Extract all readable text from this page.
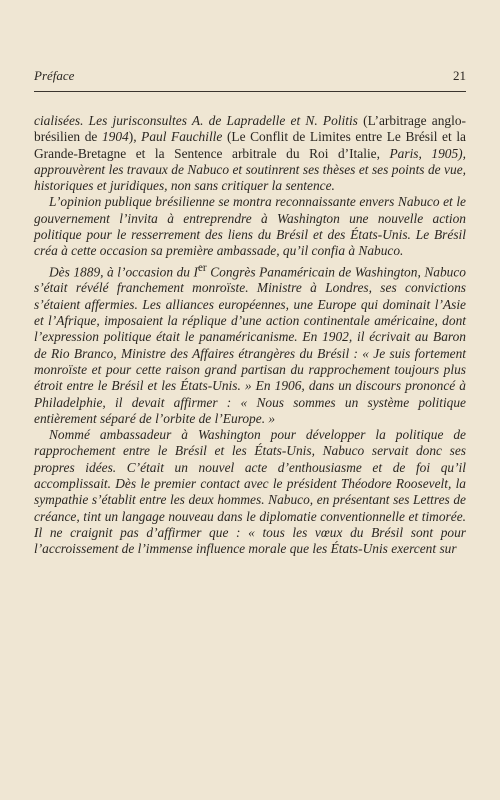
Préface	21

cialisées. Les jurisconsultes A. de Lapradelle et N. Politis (L’arbitrage anglo-brésilien de 1904), Paul Fauchille (Le Conflit de Limites entre Le Brésil et la Grande-Bretagne et la Sentence arbitrale du Roi d’Italie, Paris, 1905), approuvèrent les travaux de Nabuco et soutinrent ses thèses et ses points de vue, historiques et juridiques, non sans critiquer la sentence.

L’opinion publique brésilienne se montra reconnaissante envers Nabuco et le gouvernement l’invita à entreprendre à Washington une nouvelle action politique pour le resserrement des liens du Brésil et des États-Unis. Le Brésil créa à cette occasion sa première ambassade, qu’il confia à Nabuco.

Dès 1889, à l’occasion du Ier Congrès Panaméricain de Washington, Nabuco s’était révélé franchement monroïste. Ministre à Londres, ses convictions s’étaient affermies. Les alliances européennes, une Europe qui dominait l’Asie et l’Afrique, imposaient la réplique d’une action continentale américaine, dont l’expression politique était le panaméricanisme. En 1902, il écrivait au Baron de Rio Branco, Ministre des Affaires étrangères du Brésil : « Je suis fortement monroïste et pour cette raison grand partisan du rapprochement toujours plus étroit entre le Brésil et les États-Unis. » En 1906, dans un discours prononcé à Philadelphie, il devait affirmer : « Nous sommes un système politique entièrement séparé de l’orbite de l’Europe. »

Nommé ambassadeur à Washington pour développer la politique de rapprochement entre le Brésil et les États-Unis, Nabuco servait donc ses propres idées. C’était un nouvel acte d’enthousiasme et de foi qu’il accomplissait. Dès le premier contact avec le président Théodore Roosevelt, la sympathie s’établit entre les deux hommes. Nabuco, en présentant ses Lettres de créance, tint un langage nouveau dans le diplomatie conventionnelle et timorée. Il ne craignit pas d’affirmer que : « tous les vœux du Brésil sont pour l’accroissement de l’immense influence morale que les États-Unis exercent sur
